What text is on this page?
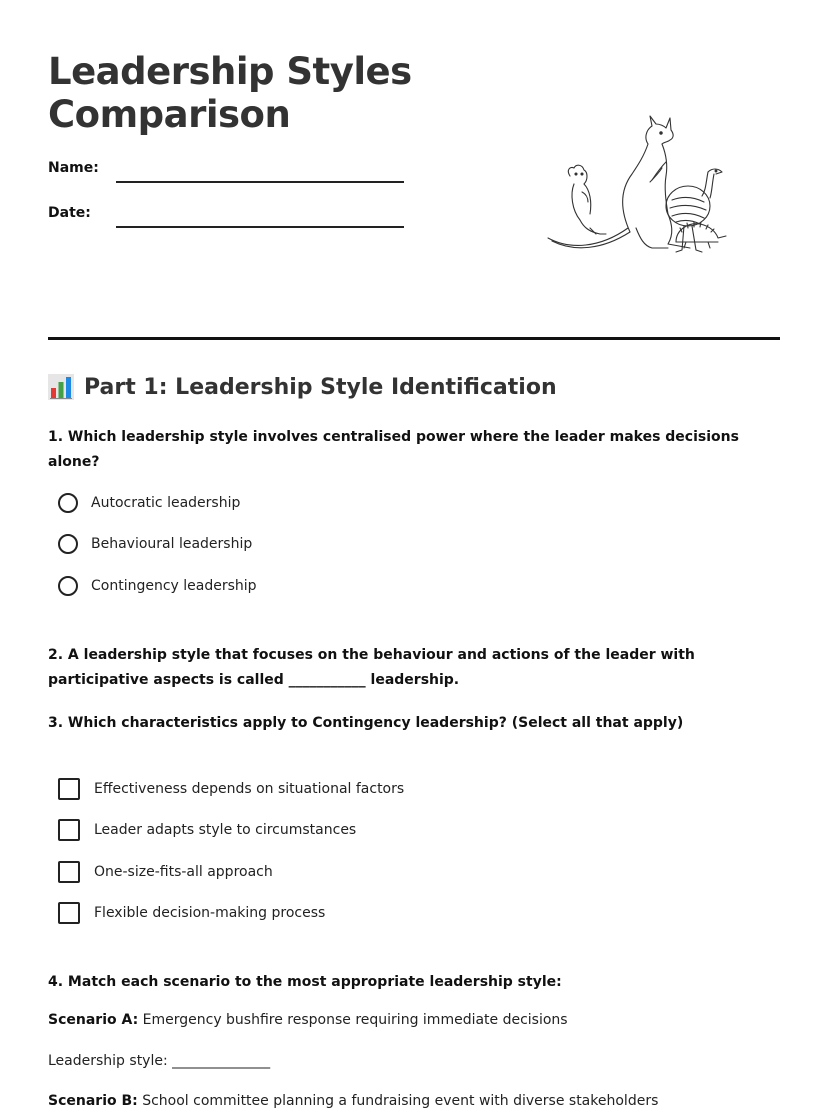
Leadership Styles
Comparison
Name:
Date:
Part 1: Leadership Style Identification

1. Which leadership style involves centralised power where the leader makes decisions alone?

Autocratic leadership
Behavioural leadership
Contingency leadership

2. A leadership style that focuses on the behaviour and actions of the leader with participative aspects is called ___________ leadership.

3. Which characteristics apply to Contingency leadership? (Select all that apply)

Effectiveness depends on situational factors
Leader adapts style to circumstances
One-size-fits-all approach
Flexible decision-making process

4. Match each scenario to the most appropriate leadership style:

Scenario A: Emergency bushfire response requiring immediate decisions
Leadership style: ______________
Scenario B: School committee planning a fundraising event with diverse stakeholders
